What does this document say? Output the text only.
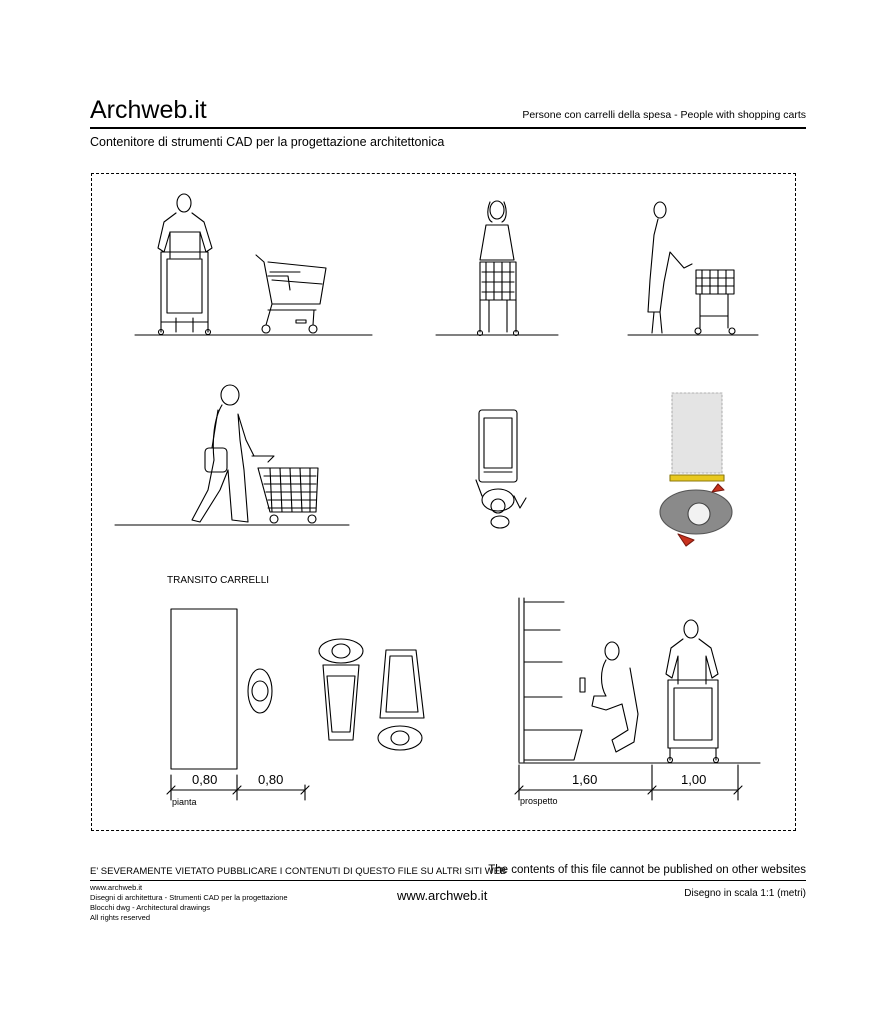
Archweb.it	Persone con carrelli della spesa - People with shopping carts
Contenitore di strumenti CAD per la progettazione architettonica
TRANSITO CARRELLI
0,80	0,80	1,60	1,00
pianta	prospetto
E' SEVERAMENTE VIETATO PUBBLICARE I CONTENUTI DI QUESTO FILE SU ALTRI SITI WEB
The contents of this file cannot be published on other websites
www.archweb.it
Disegni di architettura - Strumenti CAD per la progettazione
Blocchi dwg - Architectural drawings
All rights reserved
www.archweb.it	Disegno in scala 1:1 (metri)
